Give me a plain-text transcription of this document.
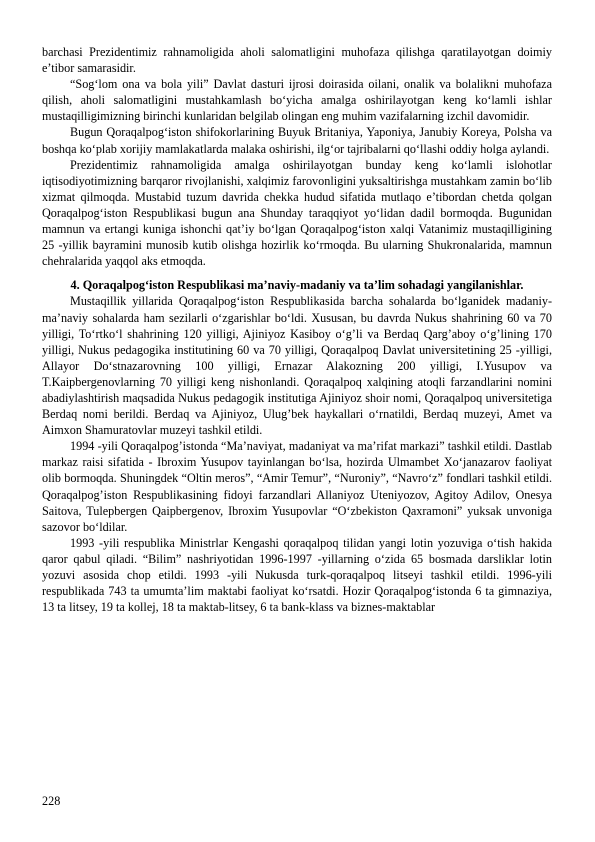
barchasi Prezidentimiz rahnamoligida aholi salomatligini muhofaza qilishga qaratilayotgan doimiy e’tibor samarasidir.

“Sog‘lom ona va bola yili” Davlat dasturi ijrosi doirasida oilani, onalik va bolalikni muhofaza qilish, aholi salomatligini mustahkamlash bo‘yicha amalga oshirilayotgan keng ko‘lamli ishlar mustaqilligimizning birinchi kunlaridan belgilab olingan eng muhim vazifalarning izchil davomidir.

Bugun Qoraqalpog‘iston shifokorlarining Buyuk Britaniya, Yaponiya, Janubiy Koreya, Polsha va boshqa ko‘plab xorijiy mamlakatlarda malaka oshirishi, ilg‘or tajribalarni qo‘llashi oddiy holga aylandi.

Prezidentimiz rahnamoligida amalga oshirilayotgan bunday keng ko‘lamli islohotlar iqtisodiyotimizning barqaror rivojlanishi, xalqimiz farovonligini yuksaltirishga mustahkam zamin bo‘lib xizmat qilmoqda. Mustabid tuzum davrida chekka hudud sifatida mutlaqo e’tibordan chetda qolgan Qoraqalpog‘iston Respublikasi bugun ana Shunday taraqqiyot yo‘lidan dadil bormoqda. Bugunidan mamnun va ertangi kuniga ishonchi qat’iy bo‘lgan Qoraqalpog‘iston xalqi Vatanimiz mustaqilligining 25 -yillik bayramini munosib kutib olishga hozirlik ko‘rmoqda. Bu ularning Shukronalarida, mamnun chehralarida yaqqol aks etmoqda.

4. Qoraqalpog‘iston Respublikasi ma’naviy-madaniy va ta’lim sohadagi yangilanishlar.

Mustaqillik yillarida Qoraqalpog‘iston Respublikasida barcha sohalarda bo‘lganidek madaniy-ma’naviy sohalarda ham sezilarli o‘zgarishlar bo‘ldi. Xususan, bu davrda Nukus shahrining 60 va 70 yilligi, To‘rtko‘l shahrining 120 yilligi, Ajiniyoz Kasiboy o‘g’li va Berdaq Qarg’aboy o‘g’lining 170 yilligi, Nukus pedagogika institutining 60 va 70 yilligi, Qoraqalpoq Davlat universitetining 25 -yilligi, Allayor Do‘stnazarovning 100 yilligi, Ernazar Alakozning 200 yilligi, I.Yusupov va T.Kaipbergenovlarning 70 yilligi keng nishonlandi. Qoraqalpoq xalqining atoqli farzandlarini nomini abadiylashtirish maqsadida Nukus pedagogik institutiga Ajiniyoz shoir nomi, Qoraqalpoq universitetiga Berdaq nomi berildi. Berdaq va Ajiniyoz, Ulug’bek haykallari o‘rnatildi, Berdaq muzeyi, Amet va Aimxon Shamuratovlar muzeyi tashkil etildi.

1994 -yili Qoraqalpog’istonda “Ma’naviyat, madaniyat va ma’rifat markazi” tashkil etildi. Dastlab markaz raisi sifatida - Ibroxim Yusupov tayinlangan bo‘lsa, hozirda Ulmambet Xo‘janazarov faoliyat olib bormoqda. Shuningdek “Oltin meros”, “Amir Temur”, “Nuroniy”, “Navro‘z” fondlari tashkil etildi. Qoraqalpog’iston Respublikasining fidoyi farzandlari Allaniyoz Uteniyozov, Agitoy Adilov, Onesya Saitova, Tulepbergen Qaipbergenov, Ibroxim Yusupovlar “O‘zbekiston Qaxramoni” yuksak unvoniga sazovor bo‘ldilar.

1993 -yili respublika Ministrlar Kengashi qoraqalpoq tilidan yangi lotin yozuviga o‘tish hakida qaror qabul qiladi. “Bilim” nashriyotidan 1996-1997 -yillarning o‘zida 65 bosmada darsliklar lotin yozuvi asosida chop etildi. 1993 -yili Nukusda turk-qoraqalpoq litseyi tashkil etildi. 1996-yili respublikada 743 ta umumta’lim maktabi faoliyat ko‘rsatdi. Hozir Qoraqalpog‘istonda 6 ta gimnaziya, 13 ta litsey, 19 ta kollej, 18 ta maktab-litsey, 6 ta bank-klass va biznes-maktablar

228
